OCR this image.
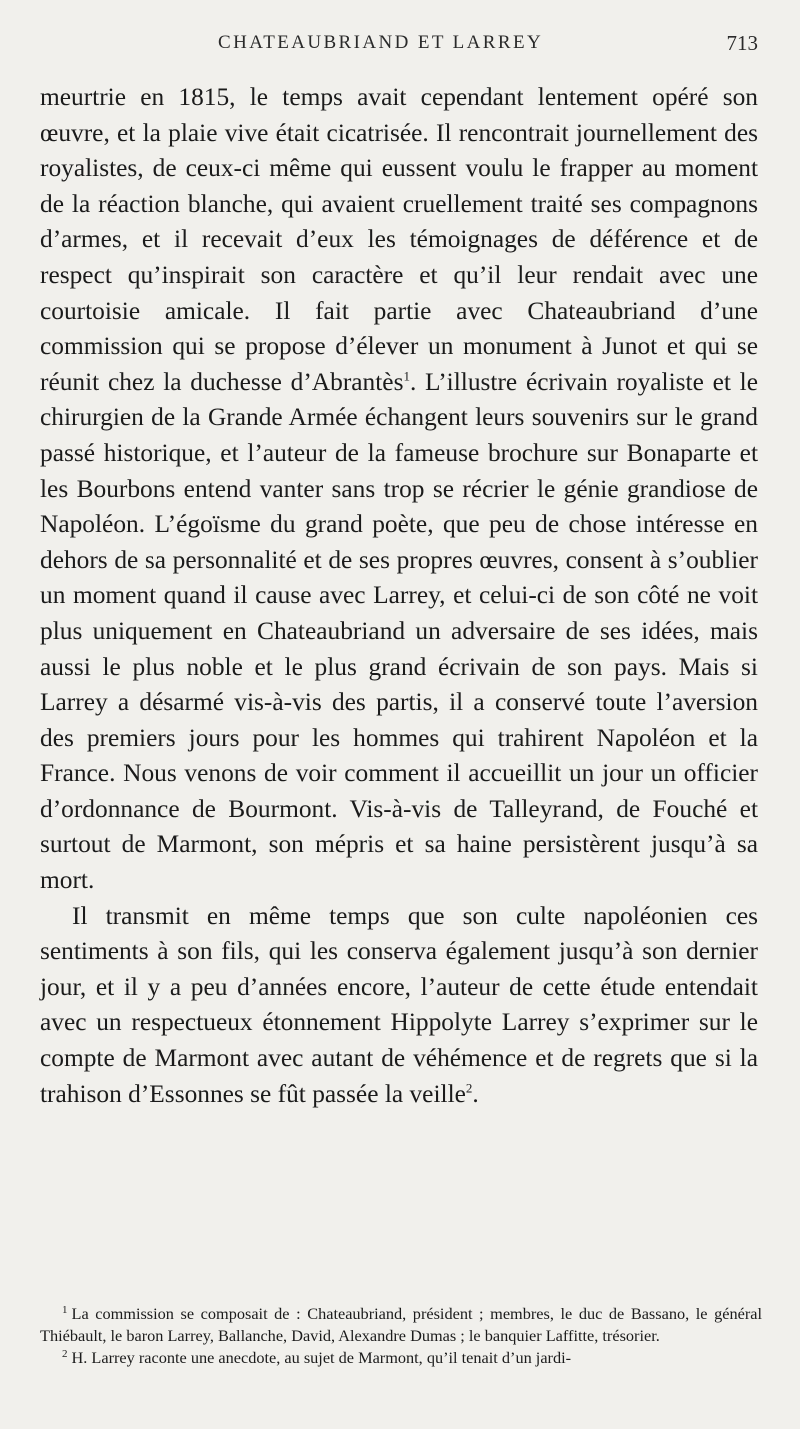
CHATEAUBRIAND ET LARREY	713

meurtrie en 1815, le temps avait cependant lentement opéré son œuvre, et la plaie vive était cicatrisée. Il rencontrait journellement des royalistes, de ceux-ci même qui eussent voulu le frapper au moment de la réaction blanche, qui avaient cruellement traité ses compagnons d’armes, et il recevait d’eux les témoignages de déférence et de respect qu’inspirait son caractère et qu’il leur rendait avec une courtoisie amicale. Il fait partie avec Chateaubriand d’une commission qui se propose d’élever un monument à Junot et qui se réunit chez la duchesse d’Abrantès$^1$. L’illustre écrivain royaliste et le chirurgien de la Grande Armée échangent leurs souvenirs sur le grand passé historique, et l’auteur de la fameuse brochure sur Bonaparte et les Bourbons entend vanter sans trop se récrier le génie grandiose de Napoléon. L’égoïsme du grand poète, que peu de chose intéresse en dehors de sa personnalité et de ses propres œuvres, consent à s’oublier un moment quand il cause avec Larrey, et celui-ci de son côté ne voit plus uniquement en Chateaubriand un adversaire de ses idées, mais aussi le plus noble et le plus grand écrivain de son pays. Mais si Larrey a désarmé vis-à-vis des partis, il a conservé toute l’aversion des premiers jours pour les hommes qui trahirent Napoléon et la France. Nous venons de voir comment il accueillit un jour un officier d’ordonnance de Bourmont. Vis-à-vis de Talleyrand, de Fouché et surtout de Marmont, son mépris et sa haine persistèrent jusqu’à sa mort.

Il transmit en même temps que son culte napoléonien ces sentiments à son fils, qui les conserva également jusqu’à son dernier jour, et il y a peu d’années encore, l’auteur de cette étude entendait avec un respectueux étonnement Hippolyte Larrey s’exprimer sur le compte de Marmont avec autant de véhémence et de regrets que si la trahison d’Essonnes se fût passée la veille$^2$.

$^1$ La commission se composait de : Chateaubriand, président ; membres, le duc de Bassano, le général Thiébault, le baron Larrey, Ballanche, David, Alexandre Dumas ; le banquier Laffitte, trésorier.

$^2$ H. Larrey raconte une anecdote, au sujet de Marmont, qu’il tenait d’un jardi-
